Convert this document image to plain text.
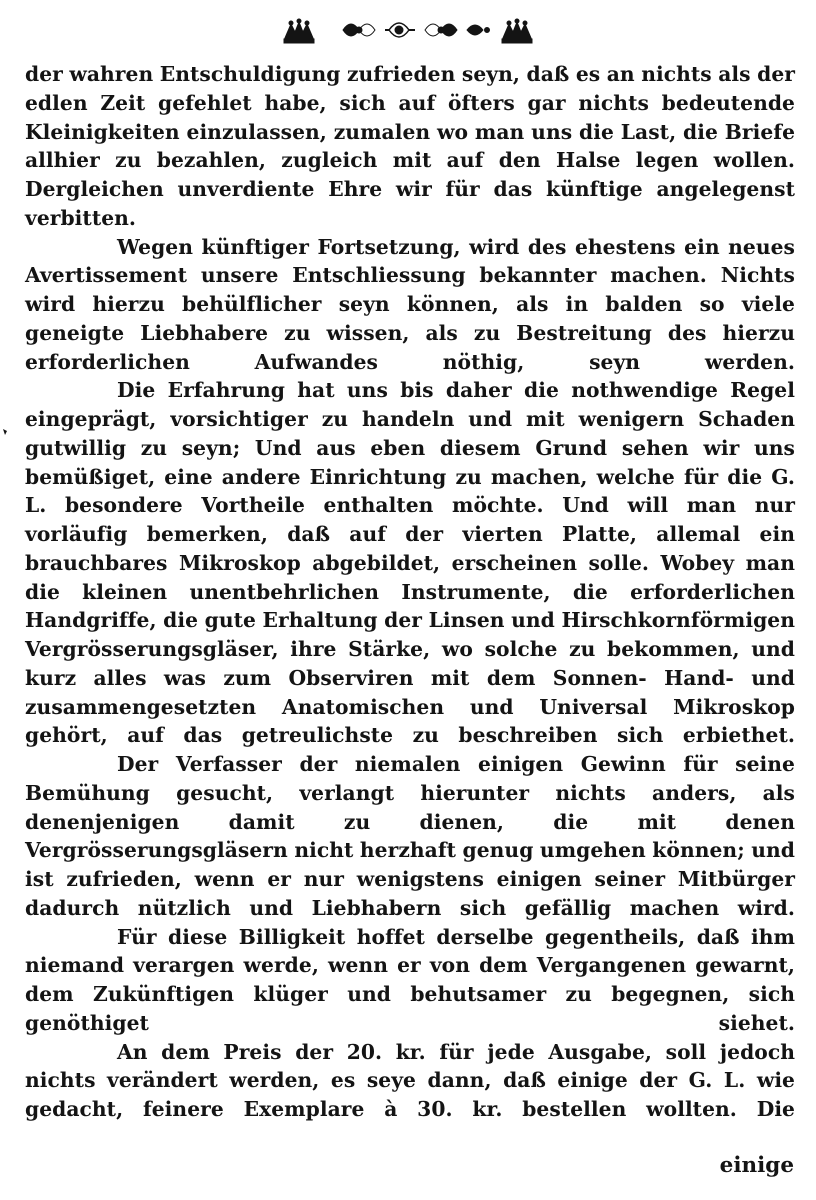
der wahren Entschuldigung zufrieden seyn, daß es an nichts als der edlen Zeit gefehlet habe, sich auf öfters gar nichts bedeutende Kleinigkeiten einzulassen, zumalen wo man uns die Last, die Briefe allhier zu bezahlen, zugleich mit auf den Halse legen wollen. Dergleichen unverdiente Ehre wir für das künftige angelegenst verbitten.

Wegen künftiger Fortsetzung, wird des ehestens ein neues Avertissement unsere Entschliessung bekannter machen. Nichts wird hierzu behülflicher seyn können, als in balden so viele geneigte Liebhabere zu wissen, als zu Bestreitung des hierzu erforderlichen Aufwandes nöthig, seyn werden.

Die Erfahrung hat uns bis daher die nothwendige Regel eingeprägt, vorsichtiger zu handeln und mit wenigern Schaden gutwillig zu seyn; Und aus eben diesem Grund sehen wir uns bemüßiget, eine andere Einrichtung zu machen, welche für die G. L. besondere Vortheile enthalten möchte. Und will man nur vorläufig bemerken, daß auf der vierten Platte, allemal ein brauchbares Mikroskop abgebildet, erscheinen solle. Wobey man die kleinen unentbehrlichen Instrumente, die erforderlichen Handgriffe, die gute Erhaltung der Linsen und Hirschkornförmigen Vergrösserungsgläser, ihre Stärke, wo solche zu bekommen, und kurz alles was zum Observiren mit dem Sonnen- Hand- und zusammengesetzten Anatomischen und Universal Mikroskop gehört, auf das getreulichste zu beschreiben sich erbiethet.

Der Verfasser der niemalen einigen Gewinn für seine Bemühung gesucht, verlangt hierunter nichts anders, als denenjenigen damit zu dienen, die mit denen Vergrösserungsgläsern nicht herzhaft genug umgehen können; und ist zufrieden, wenn er nur wenigstens einigen seiner Mitbürger dadurch nützlich und Liebhabern sich gefällig machen wird.

Für diese Billigkeit hoffet derselbe gegentheils, daß ihm niemand verargen werde, wenn er von dem Vergangenen gewarnt, dem Zukünftigen klüger und behutsamer zu begegnen, sich genöthiget siehet.

An dem Preis der 20. kr. für jede Ausgabe, soll jedoch nichts verändert werden, es seye dann, daß einige der G. L. wie gedacht, feinere Exemplare à 30. kr. bestellen wollten. Die

einige
